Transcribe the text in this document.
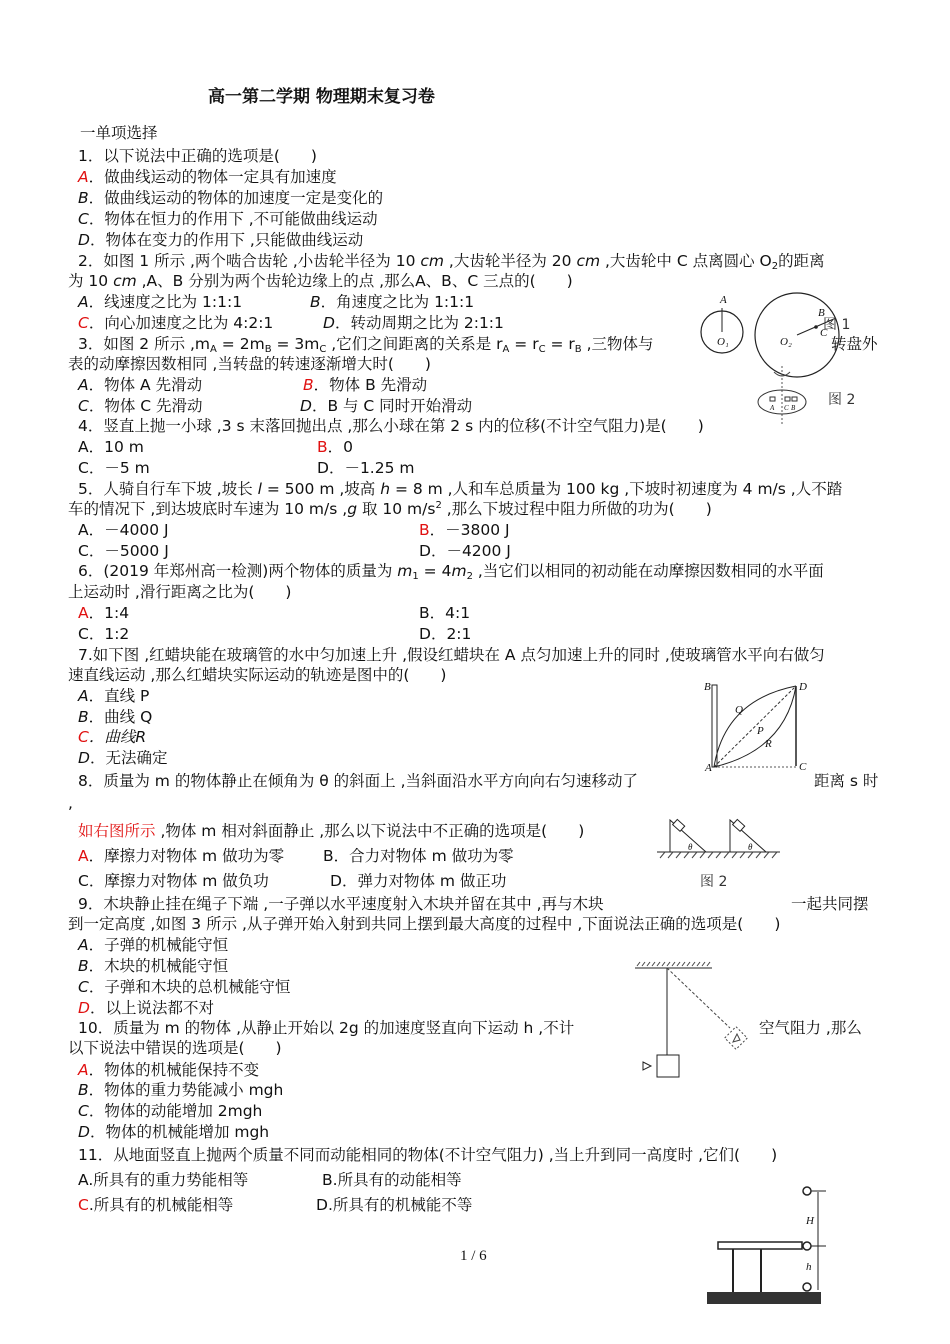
高一第二学期 物理期末复习卷
一单项选择
1．以下说法中正确的选项是(　　)
A．做曲线运动的物体一定具有加速度
B．做曲线运动的物体的加速度一定是变化的
C．物体在恒力的作用下 ,不可能做曲线运动
D．物体在变力的作用下 ,只能做曲线运动
2．如图 1 所示 ,两个啮合齿轮 ,小齿轮半径为 10 cm ,大齿轮半径为 20 cm ,大齿轮中 C 点离圆心 $O_2$的距离
为 10 cm ,A、B 分别为两个齿轮边缘上的点 ,那么A、B、C 三点的(　　)
A．线速度之比为 1:1:1	B．角速度之比为 1:1:1
C．向心加速度之比为 4:2:1	D．转动周期之比为 2:1:1
3．如图 2 所示 $,m_A = 2m_B = 3m_C$ ,它们之间距离的关系是 $r_A = r_C = r_B$ ,三物体与	转盘外
表的动摩擦因数相同 ,当转盘的转速逐渐增大时(　　)
A．物体 A 先滑动	B．物体 B 先滑动
C．物体 C 先滑动	D．B 与 C 同时开始滑动
4．竖直上抛一小球 ,3 s 末落回抛出点 ,那么小球在第 2 s 内的位移(不计空气阻力)是(　　)
A．10 m	B．0
C．－5 m	D．－1.25 m
5．人骑自行车下坡 ,坡长 l = 500 m ,坡高 h = 8 m ,人和车总质量为 100 kg ,下坡时初速度为 4 m/s ,人不踏
车的情况下 ,到达坡底时车速为 10 m/s ,g 取 10 $m/s^2$ ,那么下坡过程中阻力所做的功为(　　)
A．－4000 J	B．－3800 J
C．－5000 J	D．－4200 J
6．(2019 年郑州高一检测)两个物体的质量为 $m_1 = 4m_2$ ,当它们以相同的初动能在动摩擦因数相同的水平面
上运动时 ,滑行距离之比为(　　)
A．1:4	B．4:1
C．1:2	D．2:1
7.如下图 ,红蜡块能在玻璃管的水中匀加速上升 ,假设红蜡块在 A 点匀加速上升的同时 ,使玻璃管水平向右做匀
速直线运动 ,那么红蜡块实际运动的轨迹是图中的(　　)
A．直线 P
B．曲线 Q
C．曲线R
D．无法确定
8．质量为 m 的物体静止在倾角为 θ 的斜面上 ,当斜面沿水平方向向右匀速移动了	距离 s 时
,
如右图所示 ,物体 m 相对斜面静止 ,那么以下说法中不正确的选项是(　　)
A．摩擦力对物体 m 做功为零	B．合力对物体 m 做功为零
C．摩擦力对物体 m 做负功	D．弹力对物体 m 做正功
9．木块静止挂在绳子下端 ,一子弹以水平速度射入木块并留在其中 ,再与木块	一起共同摆
到一定高度 ,如图 3 所示 ,从子弹开始入射到共同上摆到最大高度的过程中 ,下面说法正确的选项是(　　)
A．子弹的机械能守恒
B．木块的机械能守恒
C．子弹和木块的总机械能守恒
D．以上说法都不对
10．质量为 m 的物体 ,从静止开始以 2g 的加速度竖直向下运动 h ,不计	空气阻力 ,那么
以下说法中错误的选项是(　　)
A．物体的机械能保持不变
B．物体的重力势能减小 mgh
C．物体的动能增加 2mgh
D．物体的机械能增加 mgh
11．从地面竖直上抛两个质量不同而动能相同的物体(不计空气阻力) ,当上升到同一高度时 ,它们(　　)
A.所具有的重力势能相等	B.所具有的动能相等
C.所具有的机械能相等	D.所具有的机械能不等
1 / 6
A
B
C
O₁	O₂
图 1
A C B 图 2
B	D
Q
P
R
A	C
θ	θ
图 2
H
h
